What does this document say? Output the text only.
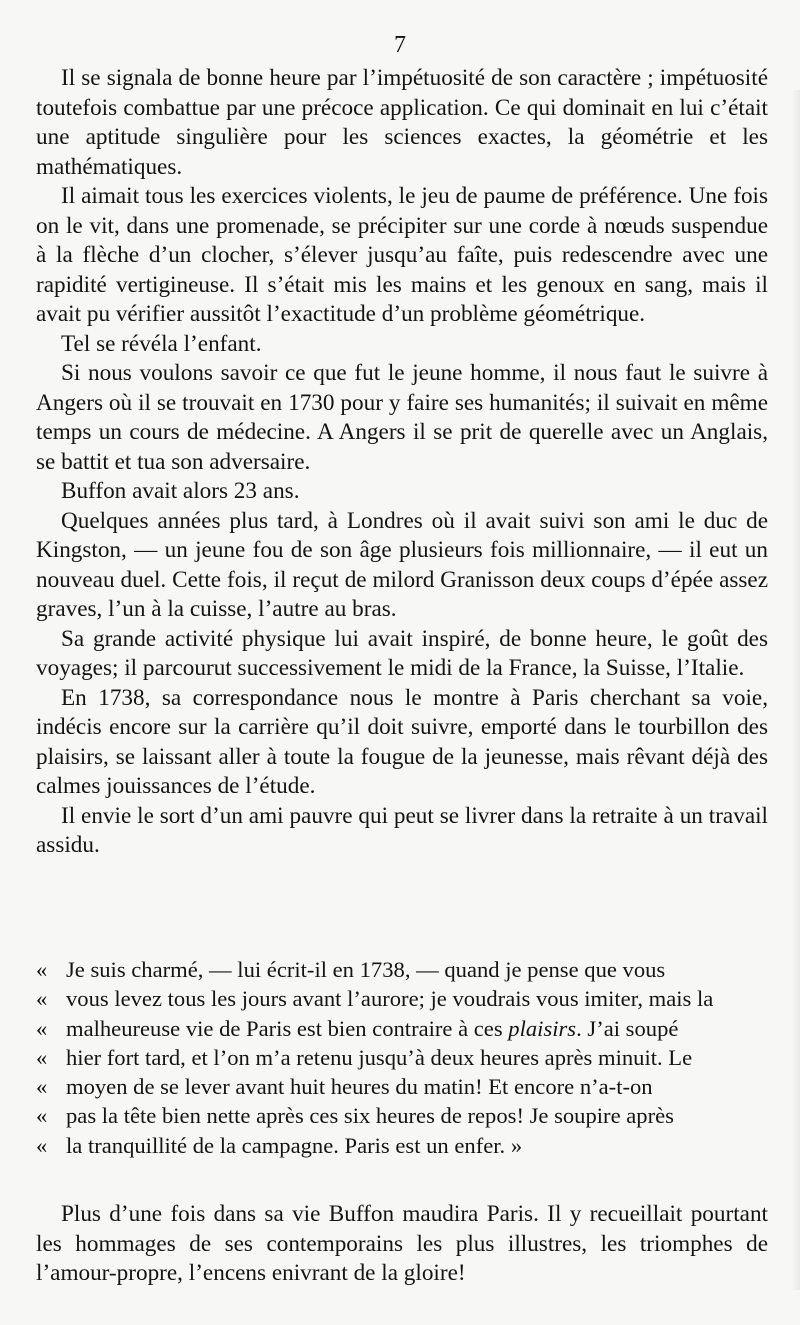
7

Il se signala de bonne heure par l’impétuosité de son caractère ; impétuosité toutefois combattue par une précoce application. Ce qui dominait en lui c’était une aptitude singulière pour les sciences exactes, la géométrie et les mathématiques.

Il aimait tous les exercices violents, le jeu de paume de préférence. Une fois on le vit, dans une promenade, se précipiter sur une corde à nœuds suspendue à la flèche d’un clocher, s’élever jusqu’au faîte, puis redescendre avec une rapidité vertigineuse. Il s’était mis les mains et les genoux en sang, mais il avait pu vérifier aussitôt l’exactitude d’un problème géométrique.

Tel se révéla l’enfant.

Si nous voulons savoir ce que fut le jeune homme, il nous faut le suivre à Angers où il se trouvait en 1730 pour y faire ses humanités; il suivait en même temps un cours de médecine. A Angers il se prit de querelle avec un Anglais, se battit et tua son adversaire.

Buffon avait alors 23 ans.

Quelques années plus tard, à Londres où il avait suivi son ami le duc de Kingston, — un jeune fou de son âge plusieurs fois millionnaire, — il eut un nouveau duel. Cette fois, il reçut de milord Granisson deux coups d’épée assez graves, l’un à la cuisse, l’autre au bras.

Sa grande activité physique lui avait inspiré, de bonne heure, le goût des voyages; il parcourut successivement le midi de la France, la Suisse, l’Italie.

En 1738, sa correspondance nous le montre à Paris cherchant sa voie, indécis encore sur la carrière qu’il doit suivre, emporté dans le tourbillon des plaisirs, se laissant aller à toute la fougue de la jeunesse, mais rêvant déjà des calmes jouissances de l’étude.

Il envie le sort d’un ami pauvre qui peut se livrer dans la retraite à un travail assidu.

« Je suis charmé, — lui écrit-il en 1738, — quand je pense que vous
« vous levez tous les jours avant l’aurore; je voudrais vous imiter, mais la
« malheureuse vie de Paris est bien contraire à ces plaisirs. J’ai soupé
« hier fort tard, et l’on m’a retenu jusqu’à deux heures après minuit. Le
« moyen de se lever avant huit heures du matin! Et encore n’a-t-on
« pas la tête bien nette après ces six heures de repos! Je soupire après
« la tranquillité de la campagne. Paris est un enfer. »

Plus d’une fois dans sa vie Buffon maudira Paris. Il y recueillait pourtant les hommages de ses contemporains les plus illustres, les triomphes de l’amour-propre, l’encens enivrant de la gloire!
